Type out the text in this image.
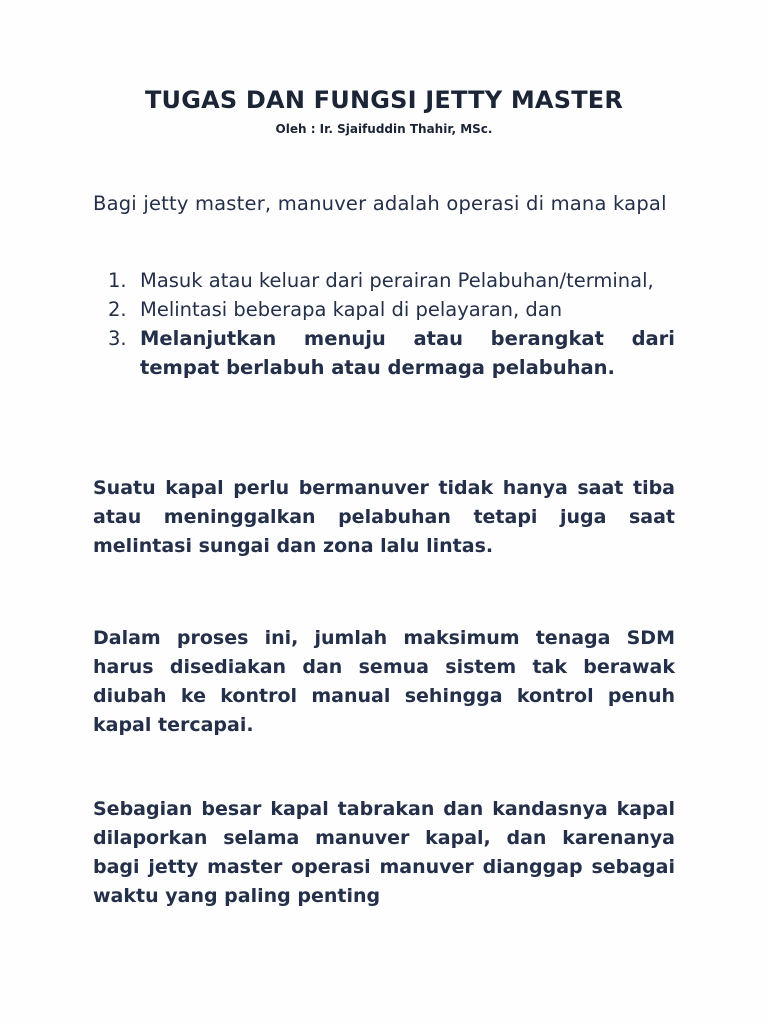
TUGAS DAN FUNGSI JETTY MASTER
Oleh : Ir. Sjaifuddin Thahir, MSc.
Bagi jetty master, manuver adalah operasi di mana kapal
1. Masuk atau keluar dari perairan Pelabuhan/terminal,
2. Melintasi beberapa kapal di pelayaran, dan
3. Melanjutkan menuju atau berangkat dari tempat berlabuh atau dermaga pelabuhan.
Suatu kapal perlu bermanuver tidak hanya saat tiba atau meninggalkan pelabuhan tetapi juga saat melintasi sungai dan zona lalu lintas.
Dalam proses ini, jumlah maksimum tenaga SDM harus disediakan dan semua sistem tak berawak diubah ke kontrol manual sehingga kontrol penuh kapal tercapai.
Sebagian besar kapal tabrakan dan kandasnya kapal dilaporkan selama manuver kapal, dan karenanya bagi jetty master operasi manuver dianggap sebagai waktu yang paling penting
